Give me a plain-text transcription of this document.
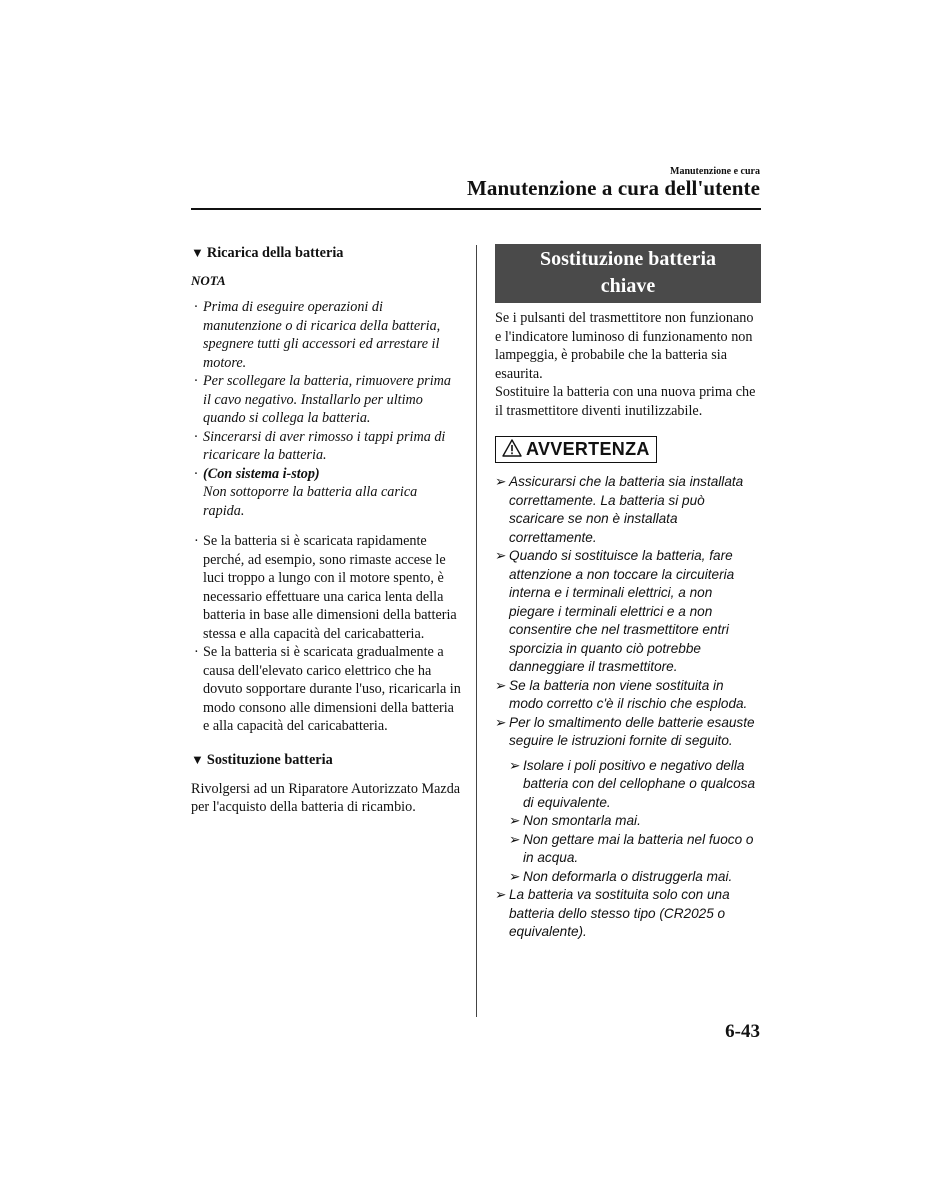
Manutenzione e cura
Manutenzione a cura dell'utente
▼ Ricarica della batteria
NOTA
· Prima di eseguire operazioni di manutenzione o di ricarica della batteria, spegnere tutti gli accessori ed arrestare il motore.
· Per scollegare la batteria, rimuovere prima il cavo negativo. Installarlo per ultimo quando si collega la batteria.
· Sincerarsi di aver rimosso i tappi prima di ricaricare la batteria.
· (Con sistema i-stop)
Non sottoporre la batteria alla carica rapida.
· Se la batteria si è scaricata rapidamente perché, ad esempio, sono rimaste accese le luci troppo a lungo con il motore spento, è necessario effettuare una carica lenta della batteria in base alle dimensioni della batteria stessa e alla capacità del caricabatteria.
· Se la batteria si è scaricata gradualmente a causa dell'elevato carico elettrico che ha dovuto sopportare durante l'uso, ricaricarla in modo consono alle dimensioni della batteria e alla capacità del caricabatteria.
▼ Sostituzione batteria
Rivolgersi ad un Riparatore Autorizzato Mazda per l'acquisto della batteria di ricambio.
Sostituzione batteria
chiave
Se i pulsanti del trasmettitore non funzionano e l'indicatore luminoso di funzionamento non lampeggia, è probabile che la batteria sia esaurita.
Sostituire la batteria con una nuova prima che il trasmettitore diventi inutilizzabile.
AVVERTENZA
➢ Assicurarsi che la batteria sia installata correttamente. La batteria si può scaricare se non è installata correttamente.
➢ Quando si sostituisce la batteria, fare attenzione a non toccare la circuiteria interna e i terminali elettrici, a non piegare i terminali elettrici e a non consentire che nel trasmettitore entri sporcizia in quanto ciò potrebbe danneggiare il trasmettitore.
➢ Se la batteria non viene sostituita in modo corretto c'è il rischio che esploda.
➢ Per lo smaltimento delle batterie esauste seguire le istruzioni fornite di seguito.
➢ Isolare i poli positivo e negativo della batteria con del cellophane o qualcosa di equivalente.
➢ Non smontarla mai.
➢ Non gettare mai la batteria nel fuoco o in acqua.
➢ Non deformarla o distruggerla mai.
➢ La batteria va sostituita solo con una batteria dello stesso tipo (CR2025 o equivalente).
6-43
